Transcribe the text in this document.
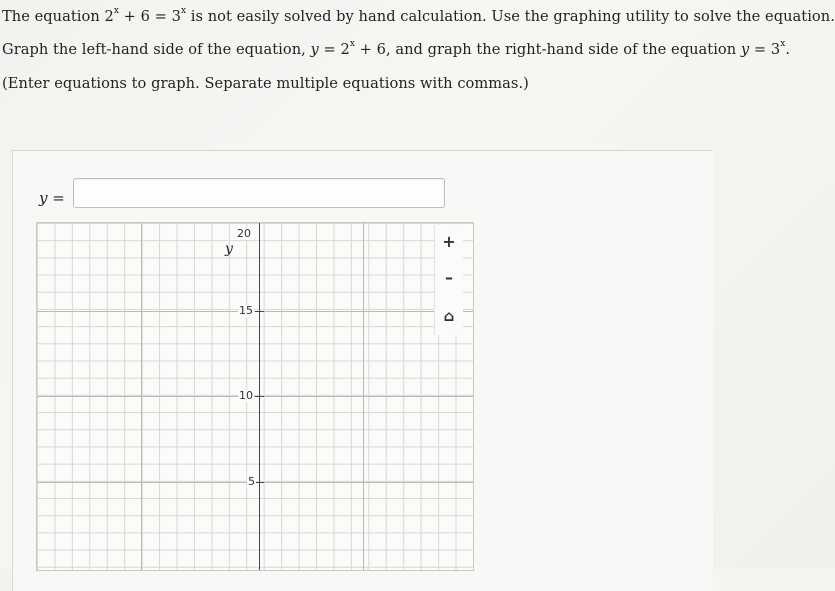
The equation $2^x + 6 = 3^x$ is not easily solved by hand calculation. Use the graphing utility to solve the equation.
Graph the left-hand side of the equation, $y = 2^x + 6$, and graph the right-hand side of the equation $y = 3^x$.
(Enter equations to graph. Separate multiple equations with commas.)
y =
20
15
10
5
y	+
–
⌂
